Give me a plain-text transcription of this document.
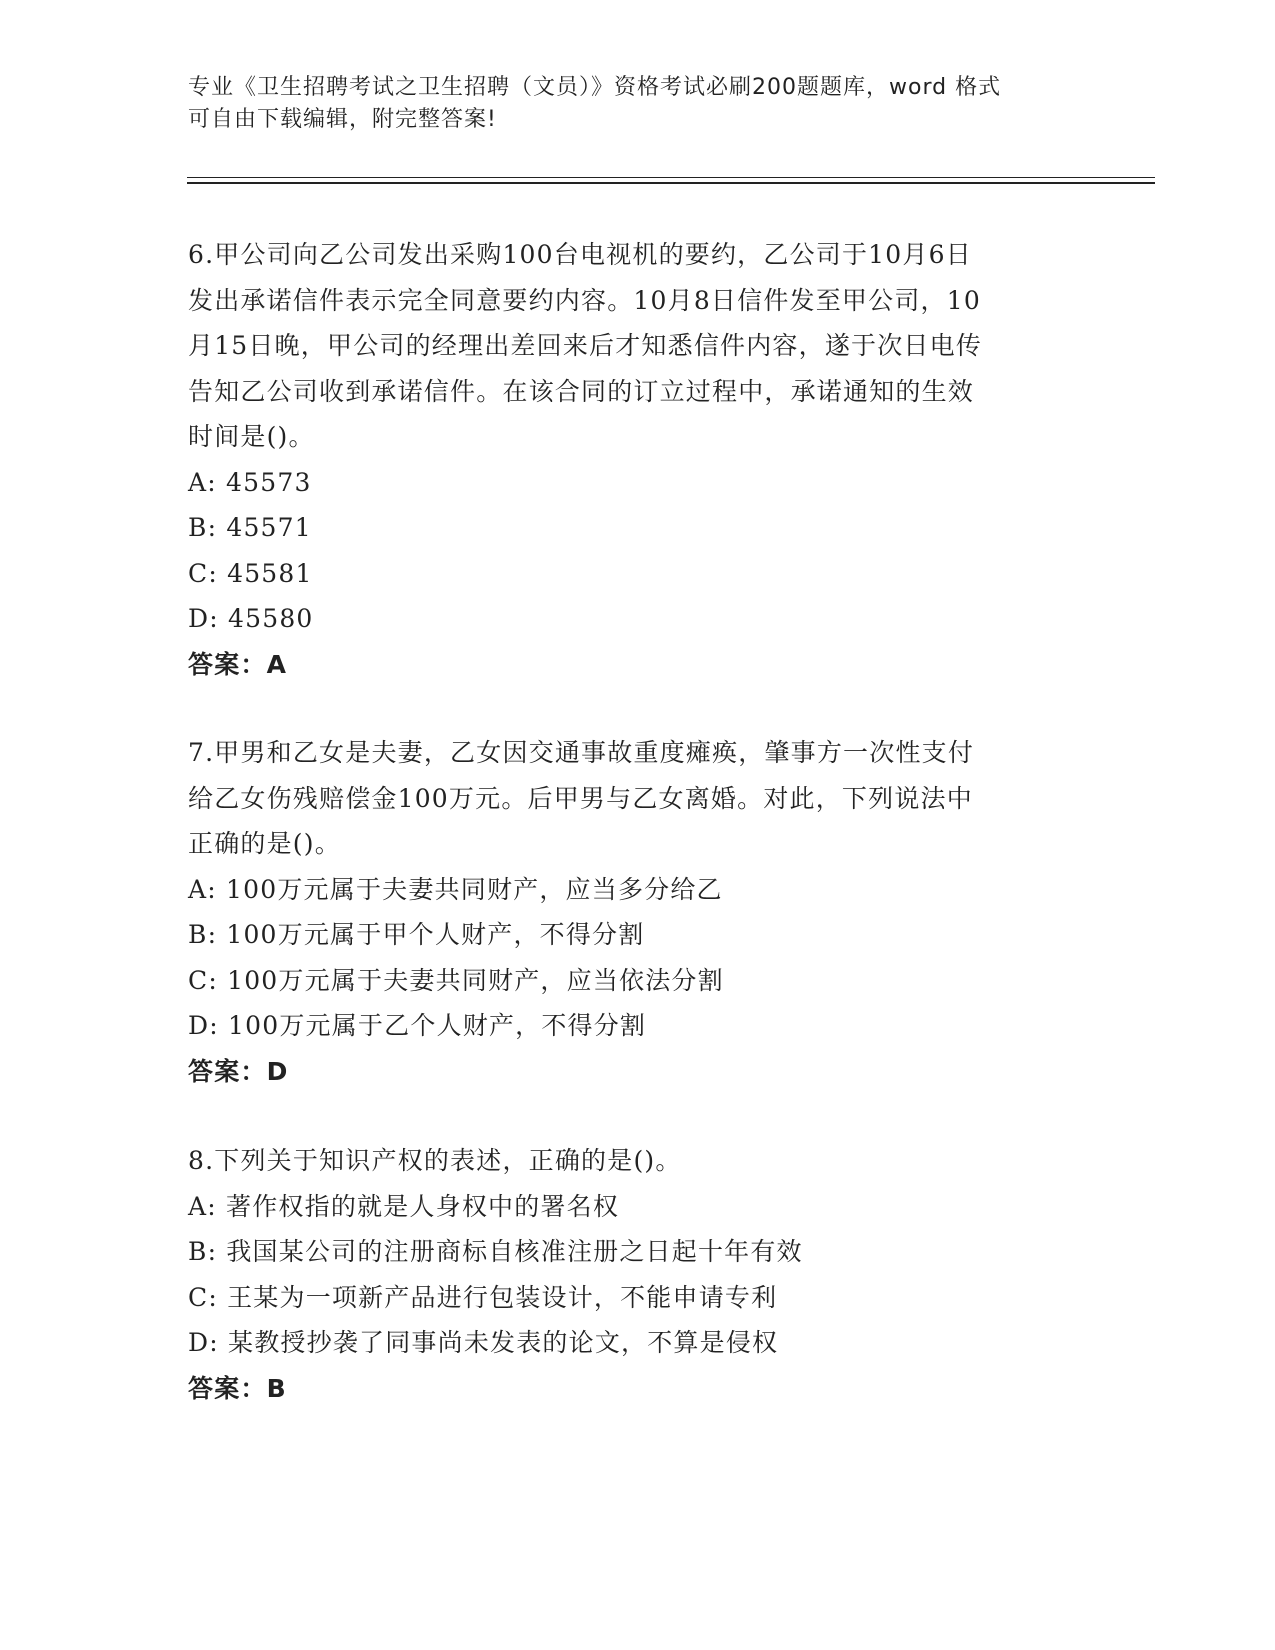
专业《卫生招聘考试之卫生招聘（文员）》资格考试必刷200题题库，word 格式
可自由下载编辑，附完整答案!
6.甲公司向乙公司发出采购100台电视机的要约，乙公司于10月6日
发出承诺信件表示完全同意要约内容。10月8日信件发至甲公司，10
月15日晚，甲公司的经理出差回来后才知悉信件内容，遂于次日电传
告知乙公司收到承诺信件。在该合同的订立过程中，承诺通知的生效
时间是()。
A: 45573
B: 45571
C: 45581
D: 45580
答案：A
7.甲男和乙女是夫妻，乙女因交通事故重度瘫痪，肇事方一次性支付
给乙女伤残赔偿金100万元。后甲男与乙女离婚。对此，下列说法中
正确的是()。
A: 100万元属于夫妻共同财产，应当多分给乙
B: 100万元属于甲个人财产，不得分割
C: 100万元属于夫妻共同财产，应当依法分割
D: 100万元属于乙个人财产，不得分割
答案：D
8.下列关于知识产权的表述，正确的是()。
A: 著作权指的就是人身权中的署名权
B: 我国某公司的注册商标自核准注册之日起十年有效
C: 王某为一项新产品进行包装设计，不能申请专利
D: 某教授抄袭了同事尚未发表的论文，不算是侵权
答案：B
